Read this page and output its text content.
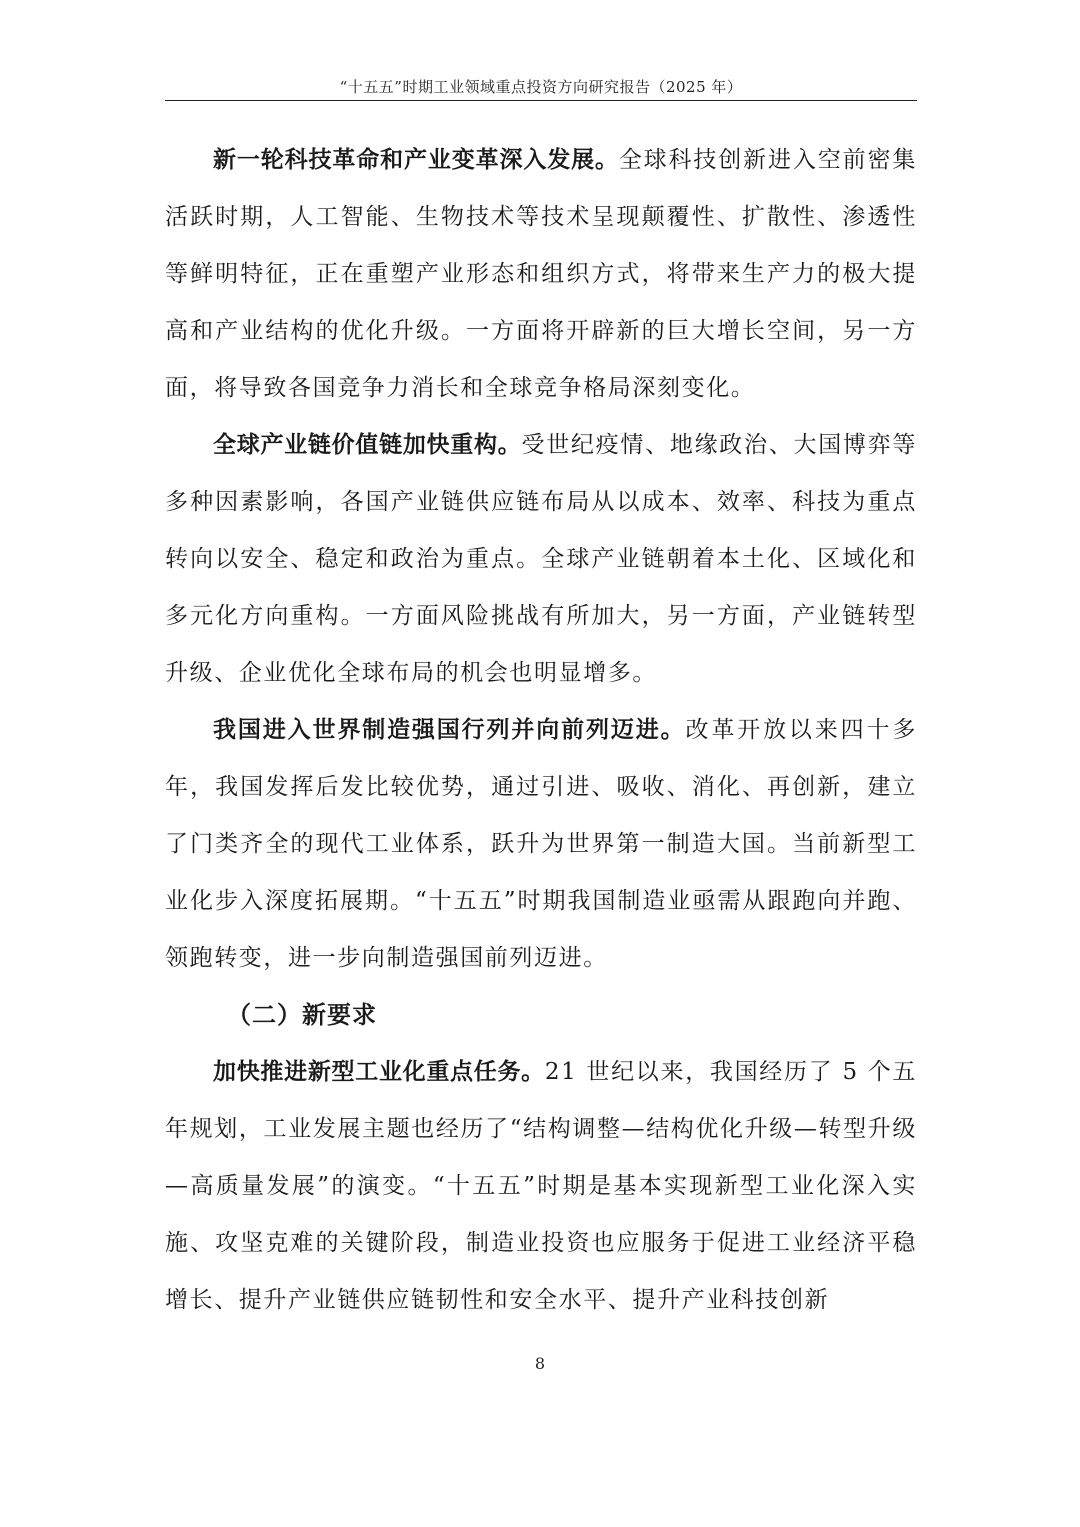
“十五五”时期工业领域重点投资方向研究报告（2025 年）

新一轮科技革命和产业变革深入发展。全球科技创新进入空前密集活跃时期，人工智能、生物技术等技术呈现颠覆性、扩散性、渗透性等鲜明特征，正在重塑产业形态和组织方式，将带来生产力的极大提高和产业结构的优化升级。一方面将开辟新的巨大增长空间，另一方面，将导致各国竞争力消长和全球竞争格局深刻变化。

全球产业链价值链加快重构。受世纪疫情、地缘政治、大国博弈等多种因素影响，各国产业链供应链布局从以成本、效率、科技为重点转向以安全、稳定和政治为重点。全球产业链朝着本土化、区域化和多元化方向重构。一方面风险挑战有所加大，另一方面，产业链转型升级、企业优化全球布局的机会也明显增多。

我国进入世界制造强国行列并向前列迈进。改革开放以来四十多年，我国发挥后发比较优势，通过引进、吸收、消化、再创新，建立了门类齐全的现代工业体系，跃升为世界第一制造大国。当前新型工业化步入深度拓展期。“十五五”时期我国制造业亟需从跟跑向并跑、领跑转变，进一步向制造强国前列迈进。

（二）新要求

加快推进新型工业化重点任务。21 世纪以来，我国经历了 5 个五年规划，工业发展主题也经历了“结构调整—结构优化升级—转型升级—高质量发展”的演变。“十五五”时期是基本实现新型工业化深入实施、攻坚克难的关键阶段，制造业投资也应服务于促进工业经济平稳增长、提升产业链供应链韧性和安全水平、提升产业科技创新

8
